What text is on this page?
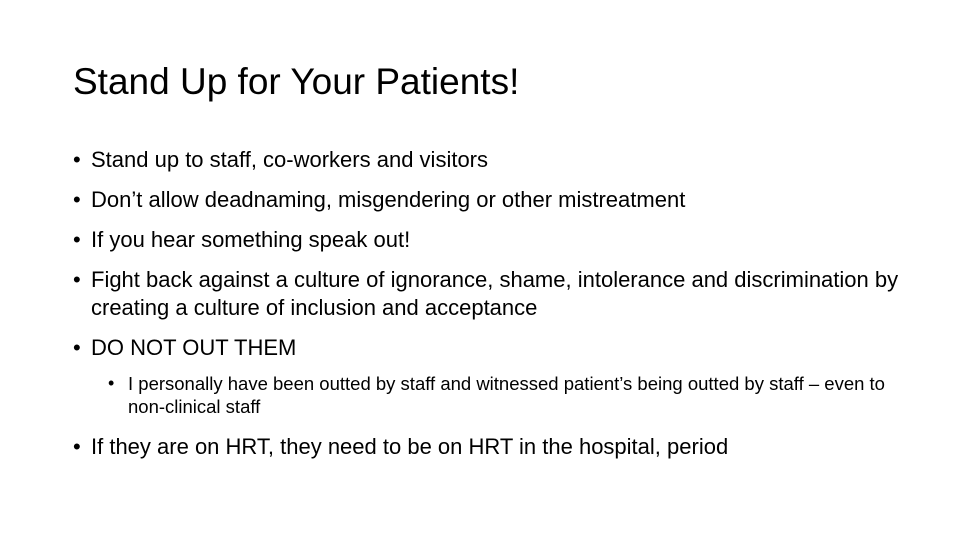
Stand Up for Your Patients!
• Stand up to staff, co-workers and visitors
• Don’t allow deadnaming, misgendering or other mistreatment
• If you hear something speak out!
• Fight back against a culture of ignorance, shame, intolerance and discrimination by creating a culture of inclusion and acceptance
• DO NOT OUT THEM
• I personally have been outted by staff and witnessed patient’s being outted by staff – even to non-clinical staff
• If they are on HRT, they need to be on HRT in the hospital, period
